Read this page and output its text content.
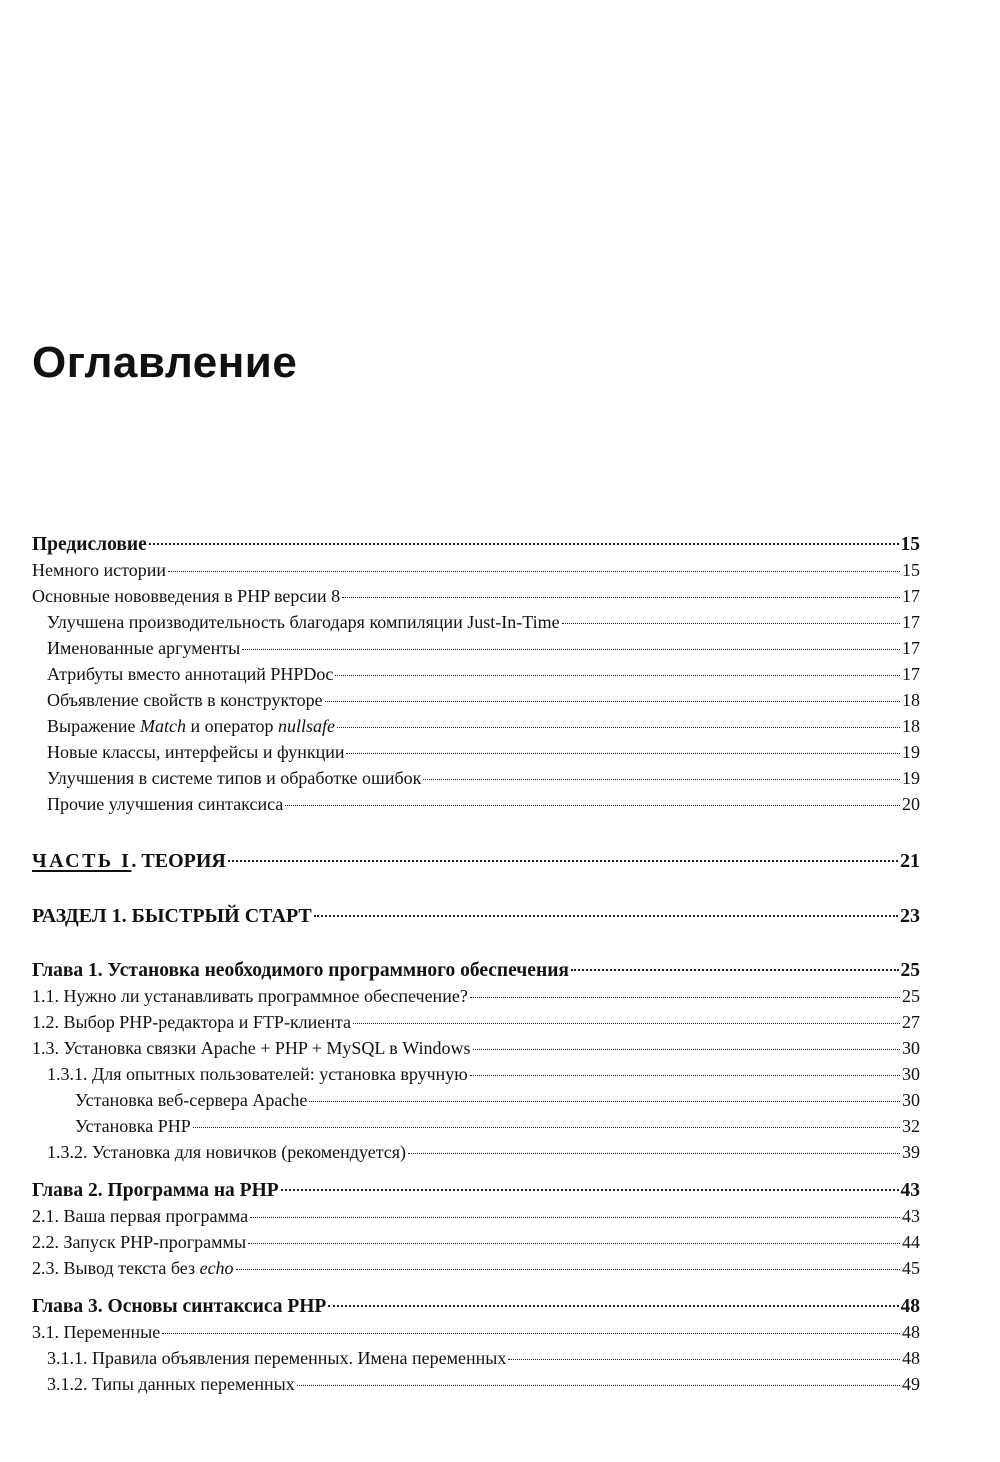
Оглавление
Предисловие	15
Немного истории	15
Основные нововведения в PHP версии 8	17
Улучшена производительность благодаря компиляции Just-In-Time	17
Именованные аргументы	17
Атрибуты вместо аннотаций PHPDoc	17
Объявление свойств в конструкторе	18
Выражение Match и оператор nullsafe	18
Новые классы, интерфейсы и функции	19
Улучшения в системе типов и обработке ошибок	19
Прочие улучшения синтаксиса	20
ЧАСТЬ I. ТЕОРИЯ	21
РАЗДЕЛ 1. БЫСТРЫЙ СТАРТ	23
Глава 1. Установка необходимого программного обеспечения	25
1.1. Нужно ли устанавливать программное обеспечение?	25
1.2. Выбор PHP-редактора и FTP-клиента	27
1.3. Установка связки Apache + PHP + MySQL в Windows	30
1.3.1. Для опытных пользователей: установка вручную	30
Установка веб-сервера Apache	30
Установка PHP	32
1.3.2. Установка для новичков (рекомендуется)	39
Глава 2. Программа на PHP	43
2.1. Ваша первая программа	43
2.2. Запуск PHP-программы	44
2.3. Вывод текста без echo	45
Глава 3. Основы синтаксиса PHP	48
3.1. Переменные	48
3.1.1. Правила объявления переменных. Имена переменных	48
3.1.2. Типы данных переменных	49
